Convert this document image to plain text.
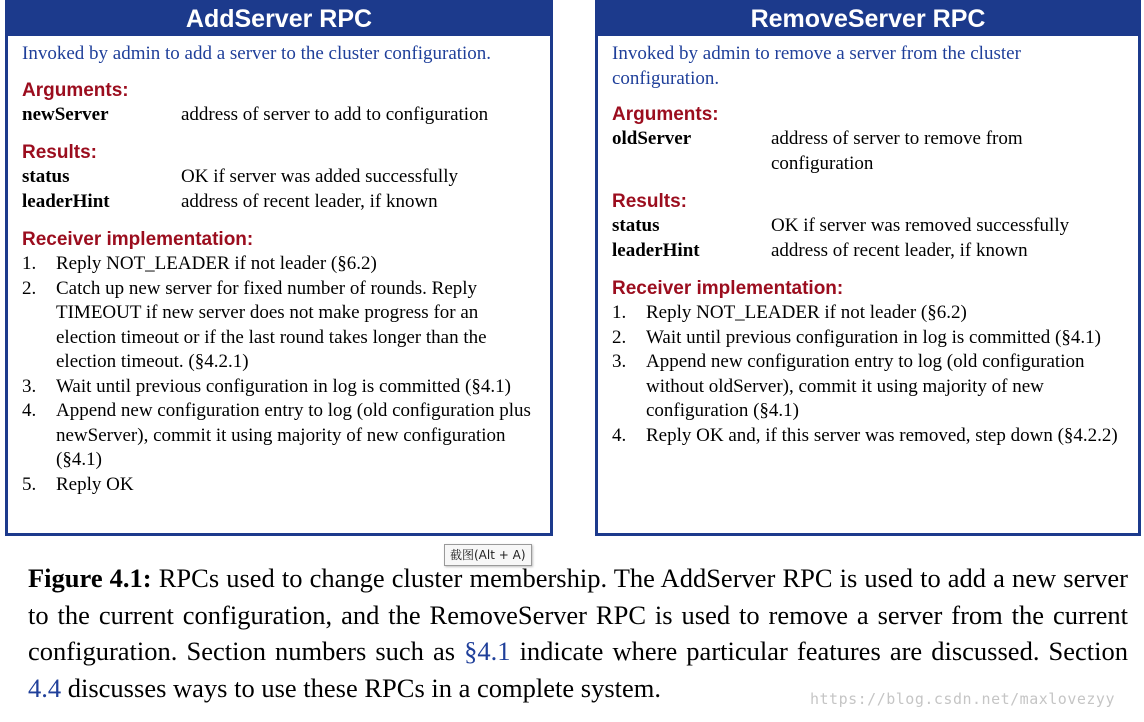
AddServer RPC
Invoked by admin to add a server to the cluster configuration.
Arguments:
newServer	address of server to add to configuration
Results:
status	OK if server was added successfully
leaderHint	address of recent leader, if known
Receiver implementation:
1.	Reply NOT_LEADER if not leader (§6.2)
2.	Catch up new server for fixed number of rounds. Reply TIMEOUT if new server does not make progress for an election timeout or if the last round takes longer than the election timeout. (§4.2.1)
3.	Wait until previous configuration in log is committed (§4.1)
4.	Append new configuration entry to log (old configuration plus newServer), commit it using majority of new configuration (§4.1)
5.	Reply OK
RemoveServer RPC
Invoked by admin to remove a server from the cluster configuration.
Arguments:
oldServer	address of server to remove from configuration
Results:
status	OK if server was removed successfully
leaderHint	address of recent leader, if known
Receiver implementation:
1.	Reply NOT_LEADER if not leader (§6.2)
2.	Wait until previous configuration in log is committed (§4.1)
3.	Append new configuration entry to log (old configuration without oldServer), commit it using majority of new configuration (§4.1)
4.	Reply OK and, if this server was removed, step down (§4.2.2)
截图(Alt + A)
Figure 4.1: RPCs used to change cluster membership. The AddServer RPC is used to add a new server to the current configuration, and the RemoveServer RPC is used to remove a server from the current configuration. Section numbers such as §4.1 indicate where particular features are discussed. Section 4.4 discusses ways to use these RPCs in a complete system.	https://blog.csdn.net/maxlovezyy
